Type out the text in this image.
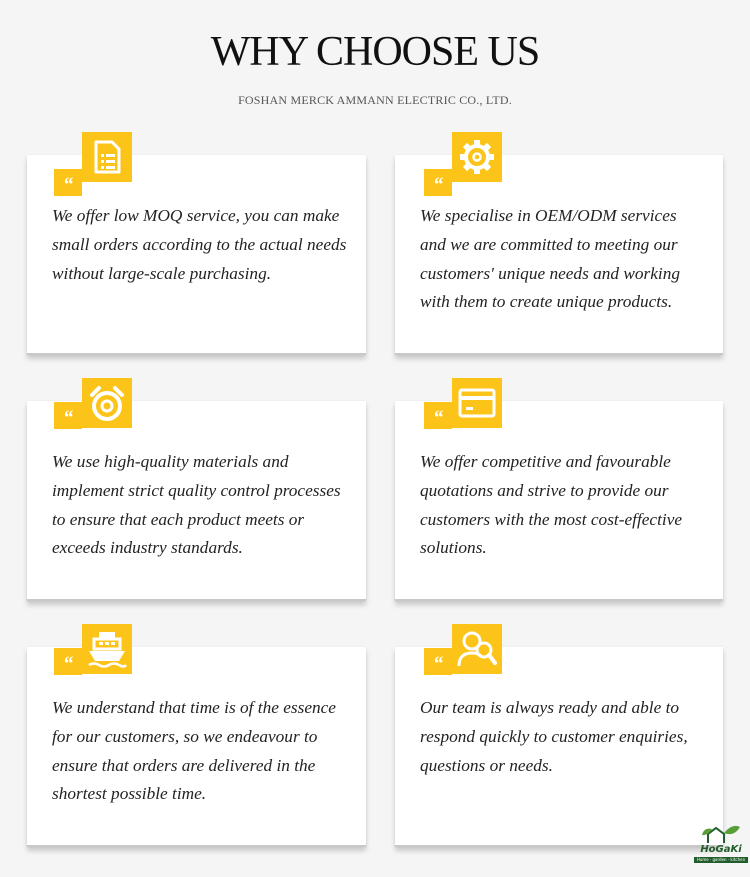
WHY CHOOSE US
FOSHAN MERCK AMMANN ELECTRIC CO., LTD.
“
We offer low MOQ service, you can make small orders according to the actual needs without large-scale purchasing.
“
We specialise in OEM/ODM services and we are committed to meeting our customers' unique needs and working with them to create unique products.
“
We use high-quality materials and implement strict quality control processes to ensure that each product meets or exceeds industry standards.
“
We offer competitive and favourable quotations and strive to provide our customers with the most cost-effective solutions.
“
We understand that time is of the essence for our customers, so we endeavour to ensure that orders are delivered in the shortest possible time.
“
Our team is always ready and able to respond quickly to customer enquiries, questions or needs.
HoGaKi
Home · garden · kitchen
